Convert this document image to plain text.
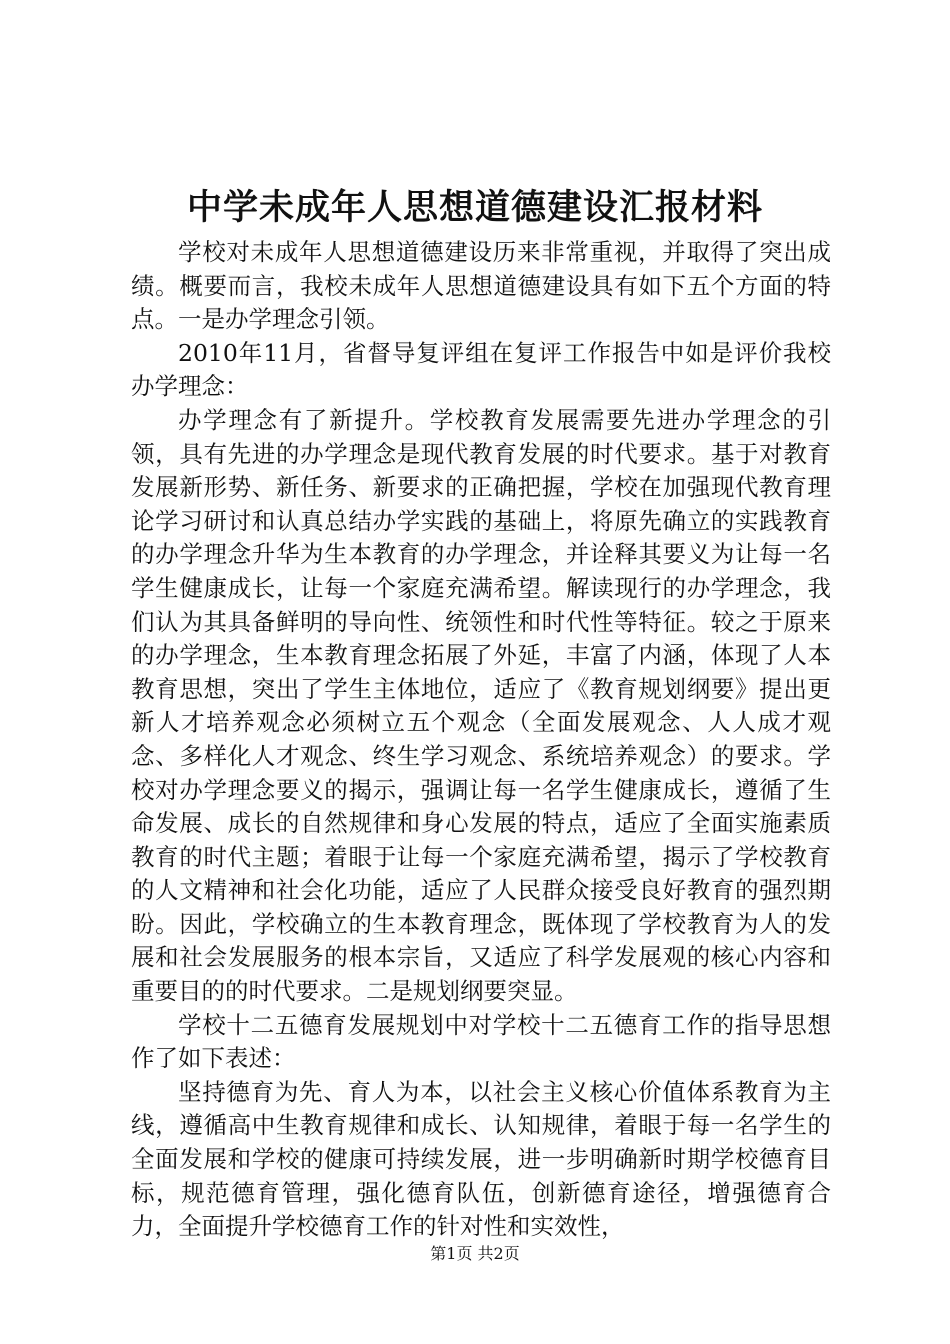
中学未成年人思想道德建设汇报材料

学校对未成年人思想道德建设历来非常重视，并取得了突出成绩。概要而言，我校未成年人思想道德建设具有如下五个方面的特点。一是办学理念引领。

2010年11月，省督导复评组在复评工作报告中如是评价我校办学理念：

办学理念有了新提升。学校教育发展需要先进办学理念的引领，具有先进的办学理念是现代教育发展的时代要求。基于对教育发展新形势、新任务、新要求的正确把握，学校在加强现代教育理论学习研讨和认真总结办学实践的基础上，将原先确立的实践教育的办学理念升华为生本教育的办学理念，并诠释其要义为让每一名学生健康成长，让每一个家庭充满希望。解读现行的办学理念，我们认为其具备鲜明的导向性、统领性和时代性等特征。较之于原来的办学理念，生本教育理念拓展了外延，丰富了内涵，体现了人本教育思想，突出了学生主体地位，适应了《教育规划纲要》提出更新人才培养观念必须树立五个观念（全面发展观念、人人成才观念、多样化人才观念、终生学习观念、系统培养观念）的要求。学校对办学理念要义的揭示，强调让每一名学生健康成长，遵循了生命发展、成长的自然规律和身心发展的特点，适应了全面实施素质教育的时代主题；着眼于让每一个家庭充满希望，揭示了学校教育的人文精神和社会化功能，适应了人民群众接受良好教育的强烈期盼。因此，学校确立的生本教育理念，既体现了学校教育为人的发展和社会发展服务的根本宗旨，又适应了科学发展观的核心内容和重要目的的时代要求。二是规划纲要突显。

学校十二五德育发展规划中对学校十二五德育工作的指导思想作了如下表述：

坚持德育为先、育人为本，以社会主义核心价值体系教育为主线，遵循高中生教育规律和成长、认知规律，着眼于每一名学生的全面发展和学校的健康可持续发展，进一步明确新时期学校德育目标，规范德育管理，强化德育队伍，创新德育途径，增强德育合力，全面提升学校德育工作的针对性和实效性，

第1页 共2页
